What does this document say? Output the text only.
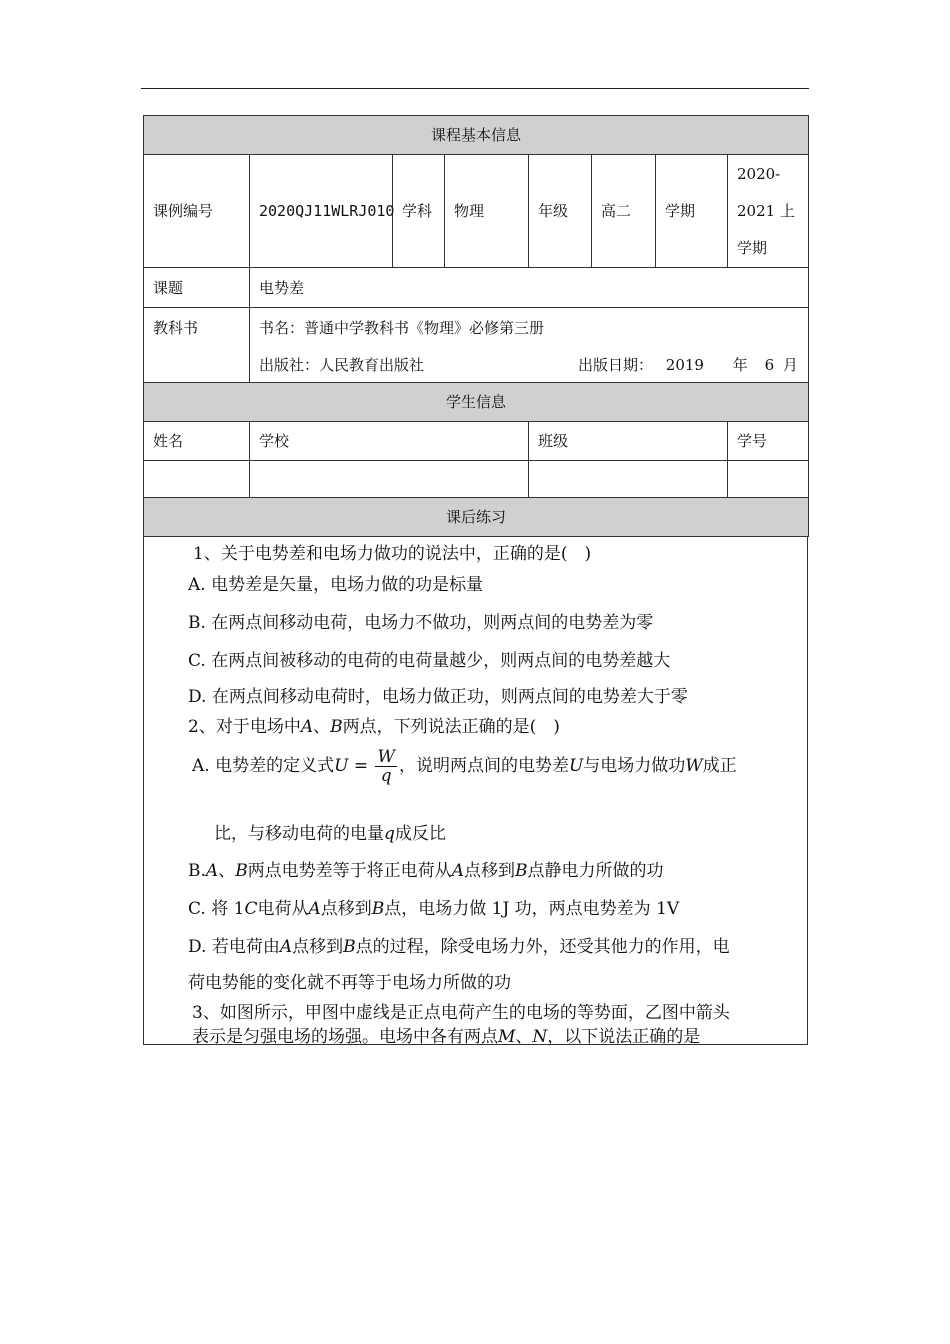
课程基本信息							
课例编号	2020QJ11WLRJ010	学科	物理	年级	高二	学期	2020-
2021 上
学期

课题	电势差						
教科书	书名：普通中学教科书《物理》必修第三册
出版社：人民教育出版社 出版日期： 2019 年 6 月						

学生信息							
姓名	学校			班级			学号

课后练习							
1、关于电势差和电场力做功的说法中，正确的是(　)
A. 电势差是矢量，电场力做的功是标量
B. 在两点间移动电荷，电场力不做功，则两点间的电势差为零
C. 在两点间被移动的电荷的电荷量越少，则两点间的电势差越大
D. 在两点间移动电荷时，电场力做正功，则两点间的电势差大于零
2、对于电场中A、B两点，下列说法正确的是(　)
A. 电势差的定义式$U = \frac{W}{q}$ ，说明两点间的电势差U与电场力做功W成正
比，与移动电荷的电量q成反比
B.A、B两点电势差等于将正电荷从A点移到B点静电力所做的功
C. 将 1C电荷从A点移到B点，电场力做 1J 功，两点电势差为 1V
D. 若电荷由A点移到B点的过程，除受电场力外，还受其他力的作用，电
荷电势能的变化就不再等于电场力所做的功
3、如图所示，甲图中虚线是正点电荷产生的电场的等势面，乙图中箭头
表示是匀强电场的场强。电场中各有两点M、N，以下说法正确的是
